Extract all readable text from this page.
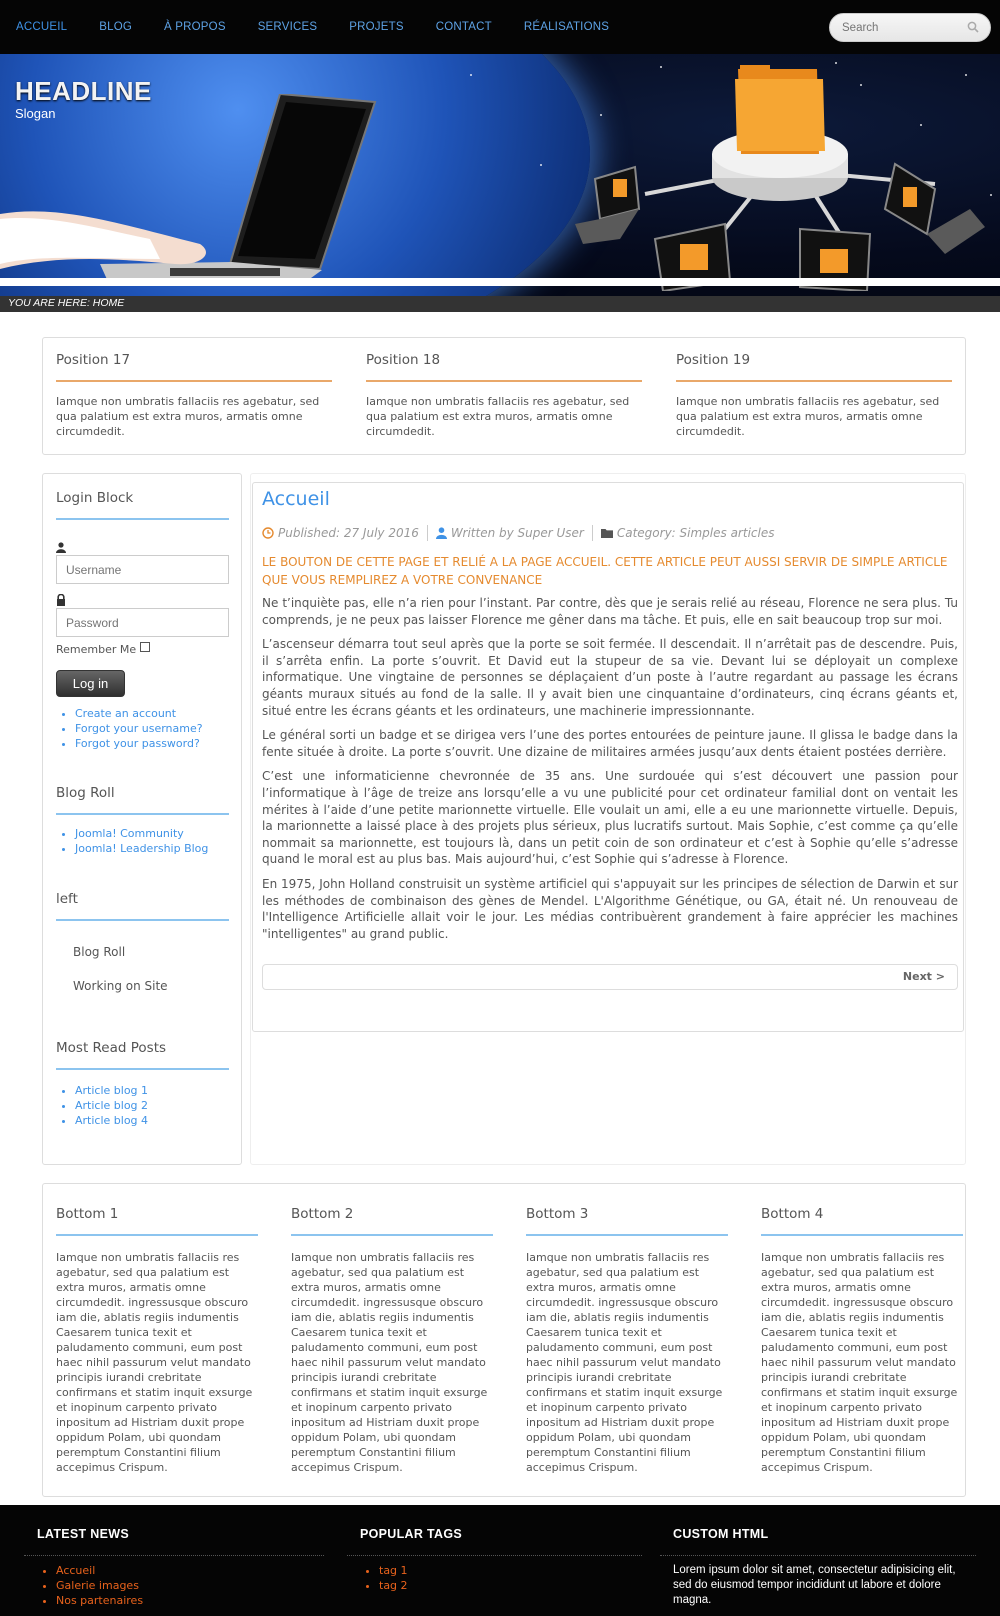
ACCUEIL	BLOG	À PROPOS	SERVICES	PROJETS	CONTACT	RÉALISATIONS
Search
HEADLINE
Slogan
YOU ARE HERE: HOME
Position 17
Iamque non umbratis fallaciis res agebatur, sed qua palatium est extra muros, armatis omne circumdedit.
Position 18
Iamque non umbratis fallaciis res agebatur, sed qua palatium est extra muros, armatis omne circumdedit.
Position 19
Iamque non umbratis fallaciis res agebatur, sed qua palatium est extra muros, armatis omne circumdedit.
Login Block
Username
Password
Remember Me
Log in
• Create an account
• Forgot your username?
• Forgot your password?
Blog Roll
• Joomla! Community
• Joomla! Leadership Blog
left
Blog Roll
Working on Site
Most Read Posts
• Article blog 1
• Article blog 2
• Article blog 4
Accueil
Published: 27 July 2016	Written by Super User	Category: Simples articles
LE BOUTON DE CETTE PAGE ET RELIÉ A LA PAGE ACCUEIL. CETTE ARTICLE PEUT AUSSI SERVIR DE SIMPLE ARTICLE QUE VOUS REMPLIREZ A VOTRE CONVENANCE

Ne t’inquiète pas, elle n’a rien pour l’instant. Par contre, dès que je serais relié au réseau, Florence ne sera plus. Tu comprends, je ne peux pas laisser Florence me gêner dans ma tâche. Et puis, elle en sait beaucoup trop sur moi.

L’ascenseur démarra tout seul après que la porte se soit fermée. Il descendait. Il n’arrêtait pas de descendre. Puis, il s’arrêta enfin. La porte s’ouvrit. Et David eut la stupeur de sa vie. Devant lui se déployait un complexe informatique. Une vingtaine de personnes se déplaçaient d’un poste à l’autre regardant au passage les écrans géants muraux situés au fond de la salle. Il y avait bien une cinquantaine d’ordinateurs, cinq écrans géants et, situé entre les écrans géants et les ordinateurs, une machinerie impressionnante.

Le général sorti un badge et se dirigea vers l’une des portes entourées de peinture jaune. Il glissa le badge dans la fente située à droite. La porte s’ouvrit. Une dizaine de militaires armées jusqu’aux dents étaient postées derrière.

C’est une informaticienne chevronnée de 35 ans. Une surdouée qui s’est découvert une passion pour l’informatique à l’âge de treize ans lorsqu’elle a vu une publicité pour cet ordinateur familial dont on ventait les mérites à l’aide d’une petite marionnette virtuelle. Elle voulait un ami, elle a eu une marionnette virtuelle. Depuis, la marionnette a laissé place à des projets plus sérieux, plus lucratifs surtout. Mais Sophie, c’est comme ça qu’elle nommait sa marionnette, est toujours là, dans un petit coin de son ordinateur et c’est à Sophie qu’elle s’adresse quand le moral est au plus bas. Mais aujourd’hui, c’est Sophie qui s’adresse à Florence.

En 1975, John Holland construisit un système artificiel qui s'appuyait sur les principes de sélection de Darwin et sur les méthodes de combinaison des gènes de Mendel. L'Algorithme Génétique, ou GA, était né. Un renouveau de l'Intelligence Artificielle allait voir le jour. Les médias contribuèrent grandement à faire apprécier les machines "intelligentes" au grand public.

Next >
Bottom 1
Iamque non umbratis fallaciis res agebatur, sed qua palatium est extra muros, armatis omne circumdedit. ingressusque obscuro iam die, ablatis regiis indumentis Caesarem tunica texit et paludamento communi, eum post haec nihil passurum velut mandato principis iurandi crebritate confirmans et statim inquit exsurge et inopinum carpento privato inpositum ad Histriam duxit prope oppidum Polam, ubi quondam peremptum Constantini filium accepimus Crispum.
Bottom 2
Iamque non umbratis fallaciis res agebatur, sed qua palatium est extra muros, armatis omne circumdedit. ingressusque obscuro iam die, ablatis regiis indumentis Caesarem tunica texit et paludamento communi, eum post haec nihil passurum velut mandato principis iurandi crebritate confirmans et statim inquit exsurge et inopinum carpento privato inpositum ad Histriam duxit prope oppidum Polam, ubi quondam peremptum Constantini filium accepimus Crispum.
Bottom 3
Iamque non umbratis fallaciis res agebatur, sed qua palatium est extra muros, armatis omne circumdedit. ingressusque obscuro iam die, ablatis regiis indumentis Caesarem tunica texit et paludamento communi, eum post haec nihil passurum velut mandato principis iurandi crebritate confirmans et statim inquit exsurge et inopinum carpento privato inpositum ad Histriam duxit prope oppidum Polam, ubi quondam peremptum Constantini filium accepimus Crispum.
Bottom 4
Iamque non umbratis fallaciis res agebatur, sed qua palatium est extra muros, armatis omne circumdedit. ingressusque obscuro iam die, ablatis regiis indumentis Caesarem tunica texit et paludamento communi, eum post haec nihil passurum velut mandato principis iurandi crebritate confirmans et statim inquit exsurge et inopinum carpento privato inpositum ad Histriam duxit prope oppidum Polam, ubi quondam peremptum Constantini filium accepimus Crispum.
LATEST NEWS
• Accueil
• Galerie images
• Nos partenaires
POPULAR TAGS
• tag 1
• tag 2
CUSTOM HTML
Lorem ipsum dolor sit amet, consectetur adipisicing elit, sed do eiusmod tempor incididunt ut labore et dolore magna.
